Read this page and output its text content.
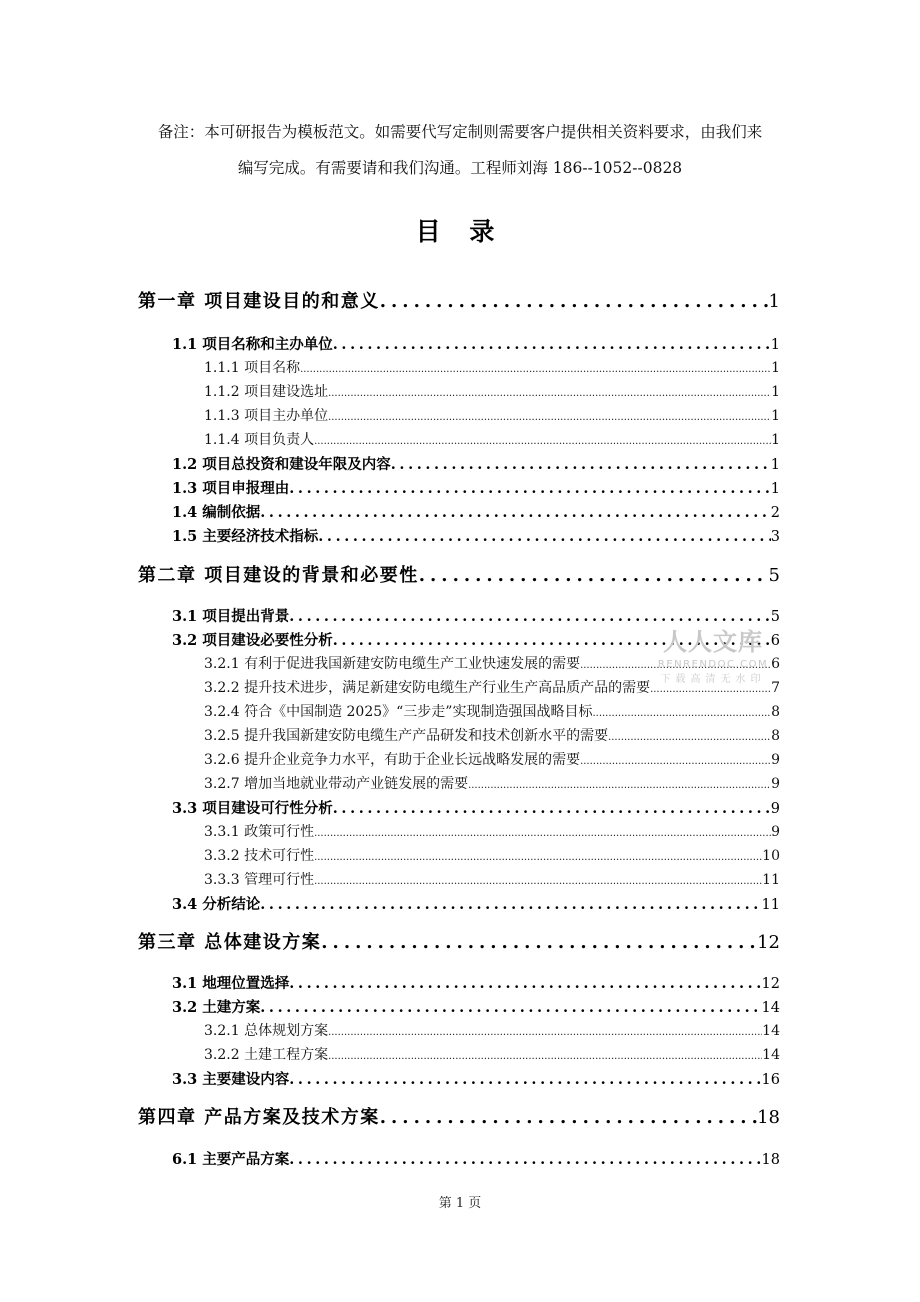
备注：本可研报告为模板范文。如需要代写定制则需要客户提供相关资料要求，由我们来
编写完成。有需要请和我们沟通。工程师刘海 186--1052--0828
目 录
第一章 项目建设目的和意义 .....	1
1.1 项目名称和主办单位 .....	1
1.1.1 项目名称 .....	1
1.1.2 项目建设选址 .....	1
1.1.3 项目主办单位 .....	1
1.1.4 项目负责人 .....	1
1.2 项目总投资和建设年限及内容 .....	1
1.3 项目申报理由 .....	1
1.4 编制依据 .....	2
1.5 主要经济技术指标 .....	3
第二章 项目建设的背景和必要性 .....	5
3.1 项目提出背景 .....	5
3.2 项目建设必要性分析 .....	6
3.2.1 有利于促进我国新建安防电缆生产工业快速发展的需要 .....	6
3.2.2 提升技术进步，满足新建安防电缆生产行业生产高品质产品的需要 .....	7
3.2.4 符合《中国制造 2025》“三步走”实现制造强国战略目标 .....	8
3.2.5 提升我国新建安防电缆生产产品研发和技术创新水平的需要 .....	8
3.2.6 提升企业竞争力水平，有助于企业长远战略发展的需要 .....	9
3.2.7 增加当地就业带动产业链发展的需要 .....	9
3.3 项目建设可行性分析 .....	9
3.3.1 政策可行性 .....	9
3.3.2 技术可行性 .....	10
3.3.3 管理可行性 .....	11
3.4 分析结论 .....	11
第三章 总体建设方案 .....	12
3.1 地理位置选择 .....	12
3.2 土建方案 .....	14
3.2.1 总体规划方案 .....	14
3.2.2 土建工程方案 .....	14
3.3 主要建设内容 .....	16
第四章 产品方案及技术方案 .....	18
6.1 主要产品方案 .....	18
人人文库
RENRENDOC.COM
下载高清无水印
第 1 页
